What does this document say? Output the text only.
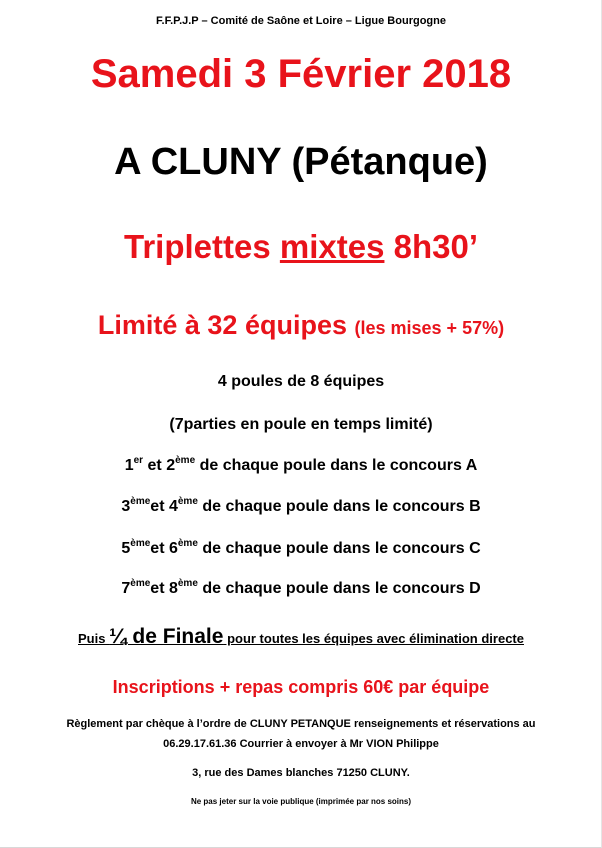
F.F.P.J.P – Comité de Saône et Loire – Ligue Bourgogne
Samedi 3 Février 2018
A CLUNY (Pétanque)
Triplettes mixtes 8h30’
Limité à 32 équipes (les mises + 57%)
4 poules de 8 équipes
(7parties en poule en temps limité)
1er et 2ème de chaque poule dans le concours A
3èmeet 4ème de chaque poule dans le concours B
5èmeet 6ème de chaque poule dans le concours C
7èmeet 8ème de chaque poule dans le concours D
Puis ¼ de Finale pour toutes les équipes avec élimination directe
Inscriptions + repas compris 60€ par équipe
Règlement par chèque à l’ordre de CLUNY PETANQUE renseignements et réservations au
06.29.17.61.36 Courrier à envoyer à Mr VION Philippe
3, rue des Dames blanches 71250 CLUNY.
Ne pas jeter sur la voie publique (imprimée par nos soins)
